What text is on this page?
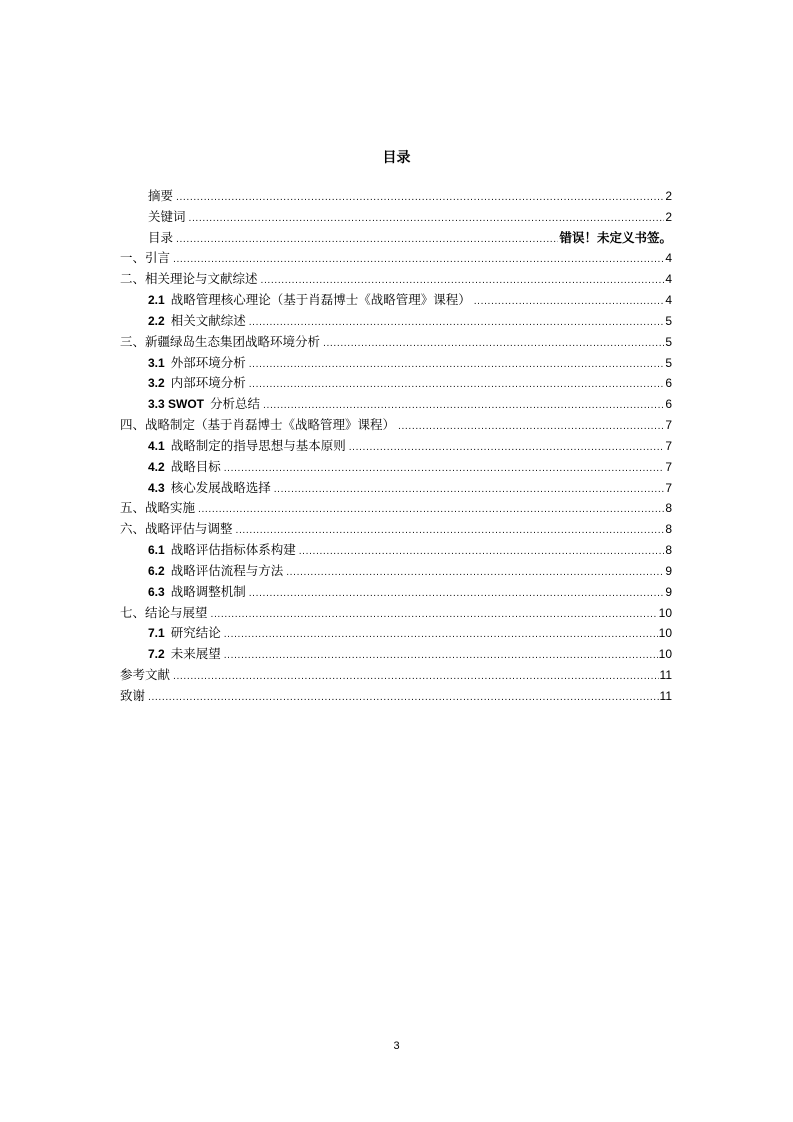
目录
摘要 .....	2
关键词 .....	2
目录 .....	错误！未定义书签。
一、引言 .....	4
二、相关理论与文献综述 .....	4
2.1 战略管理核心理论（基于肖磊博士《战略管理》课程） .....	4
2.2 相关文献综述 .....	5
三、新疆绿岛生态集团战略环境分析 .....	5
3.1 外部环境分析 .....	5
3.2 内部环境分析 .....	6
3.3 SWOT 分析总结 .....	6
四、战略制定（基于肖磊博士《战略管理》课程） .....	7
4.1 战略制定的指导思想与基本原则 .....	7
4.2 战略目标 .....	7
4.3 核心发展战略选择 .....	7
五、战略实施 .....	8
六、战略评估与调整 .....	8
6.1 战略评估指标体系构建 .....	8
6.2 战略评估流程与方法 .....	9
6.3 战略调整机制 .....	9
七、结论与展望 .....	10
7.1 研究结论 .....	10
7.2 未来展望 .....	10
参考文献 .....	11
致谢 .....	11
3
